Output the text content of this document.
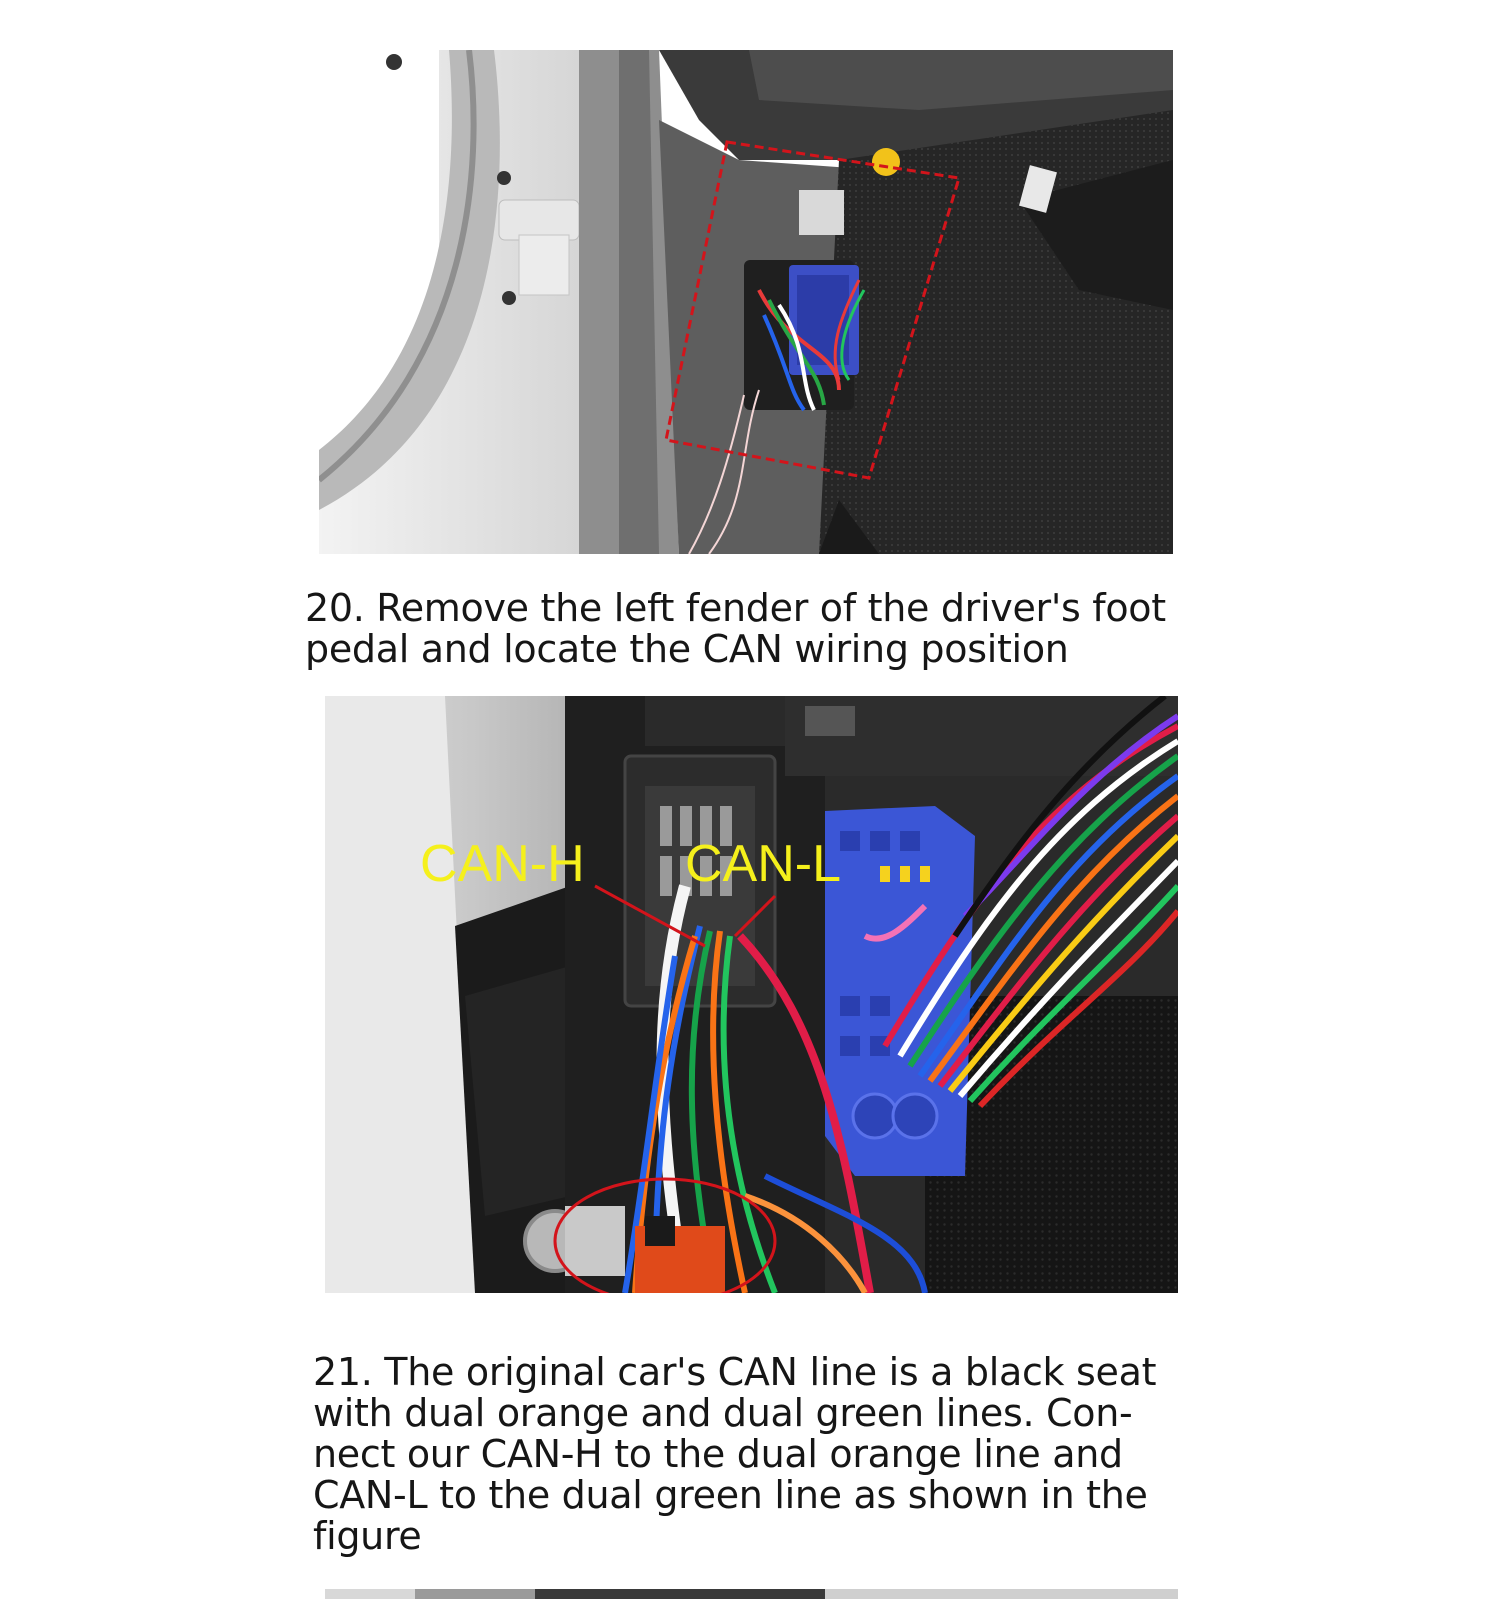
20. Remove the left fender of the driver's foot
pedal and locate the CAN wiring position
CAN-H CAN-L
21. The original car's CAN line is a black seat
with dual orange and dual green lines. Con-
nect our CAN-H to the dual orange line and
CAN-L to the dual green line as shown in the
figure
